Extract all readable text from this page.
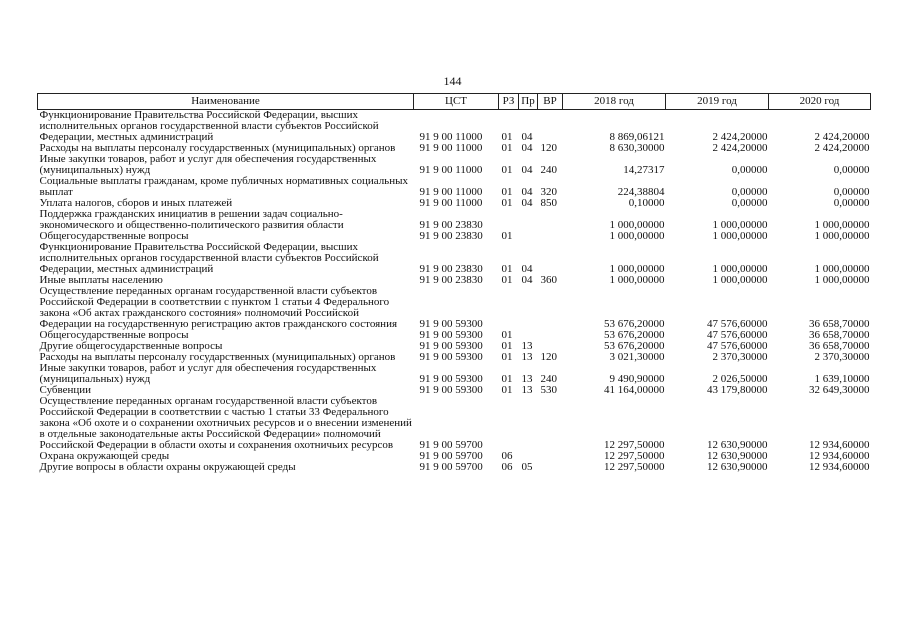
144
Наименование	ЦСТ	РЗ	Пр	ВР	2018 год	2019 год	2020 год
Функционирование Правительства Российской Федерации, высших исполнительных органов государственной власти субъектов Российской Федерации, местных администраций	91 9 00 11000	01	04		8 869,06121	2 424,20000	2 424,20000
Расходы на выплаты персоналу государственных (муниципальных) органов	91 9 00 11000	01	04	120	8 630,30000	2 424,20000	2 424,20000
Иные закупки товаров, работ и услуг для обеспечения государственных (муниципальных) нужд	91 9 00 11000	01	04	240	14,27317	0,00000	0,00000
Социальные выплаты гражданам, кроме публичных нормативных социальных выплат	91 9 00 11000	01	04	320	224,38804	0,00000	0,00000
Уплата налогов, сборов и иных платежей	91 9 00 11000	01	04	850	0,10000	0,00000	0,00000
Поддержка гражданских инициатив в решении задач социально-экономического и общественно-политического развития области	91 9 00 23830				1 000,00000	1 000,00000	1 000,00000
Общегосударственные вопросы	91 9 00 23830	01			1 000,00000	1 000,00000	1 000,00000
Функционирование Правительства Российской Федерации, высших исполнительных органов государственной власти субъектов Российской Федерации, местных администраций	91 9 00 23830	01	04		1 000,00000	1 000,00000	1 000,00000
Иные выплаты населению	91 9 00 23830	01	04	360	1 000,00000	1 000,00000	1 000,00000
Осуществление переданных органам государственной власти субъектов Российской Федерации в соответствии с пунктом 1 статьи 4 Федерального закона «Об актах гражданского состояния» полномочий Российской Федерации на государственную регистрацию актов гражданского состояния	91 9 00 59300				53 676,20000	47 576,60000	36 658,70000
Общегосударственные вопросы	91 9 00 59300	01			53 676,20000	47 576,60000	36 658,70000
Другие общегосударственные вопросы	91 9 00 59300	01	13		53 676,20000	47 576,60000	36 658,70000
Расходы на выплаты персоналу государственных (муниципальных) органов	91 9 00 59300	01	13	120	3 021,30000	2 370,30000	2 370,30000
Иные закупки товаров, работ и услуг для обеспечения государственных (муниципальных) нужд	91 9 00 59300	01	13	240	9 490,90000	2 026,50000	1 639,10000
Субвенции	91 9 00 59300	01	13	530	41 164,00000	43 179,80000	32 649,30000
Осуществление переданных органам государственной власти субъектов Российской Федерации в соответствии с частью 1 статьи 33 Федерального закона «Об охоте и о сохранении охотничьих ресурсов и о внесении изменений в отдельные законодательные акты Российской Федерации» полномочий Российской Федерации в области охоты и сохранения охотничьих ресурсов	91 9 00 59700				12 297,50000	12 630,90000	12 934,60000
Охрана окружающей среды	91 9 00 59700	06			12 297,50000	12 630,90000	12 934,60000
Другие вопросы в области охраны окружающей среды	91 9 00 59700	06	05		12 297,50000	12 630,90000	12 934,60000
